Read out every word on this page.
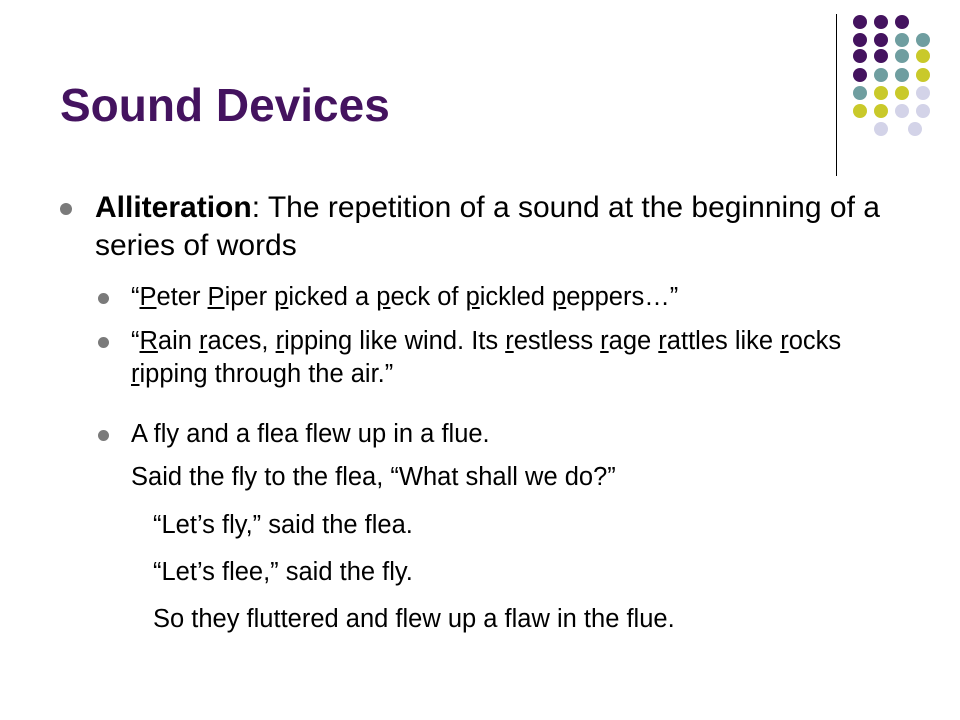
Sound Devices
Alliteration: The repetition of a sound at the beginning of a series of words
“Peter Piper picked a peck of pickled peppers…”
“Rain races, ripping like wind. Its restless rage rattles like rocks ripping through the air.”
A fly and a flea flew up in a flue.
Said the fly to the flea, “What shall we do?”
“Let’s fly,” said the flea.
“Let’s flee,” said the fly.
So they fluttered and flew up a flaw in the flue.
